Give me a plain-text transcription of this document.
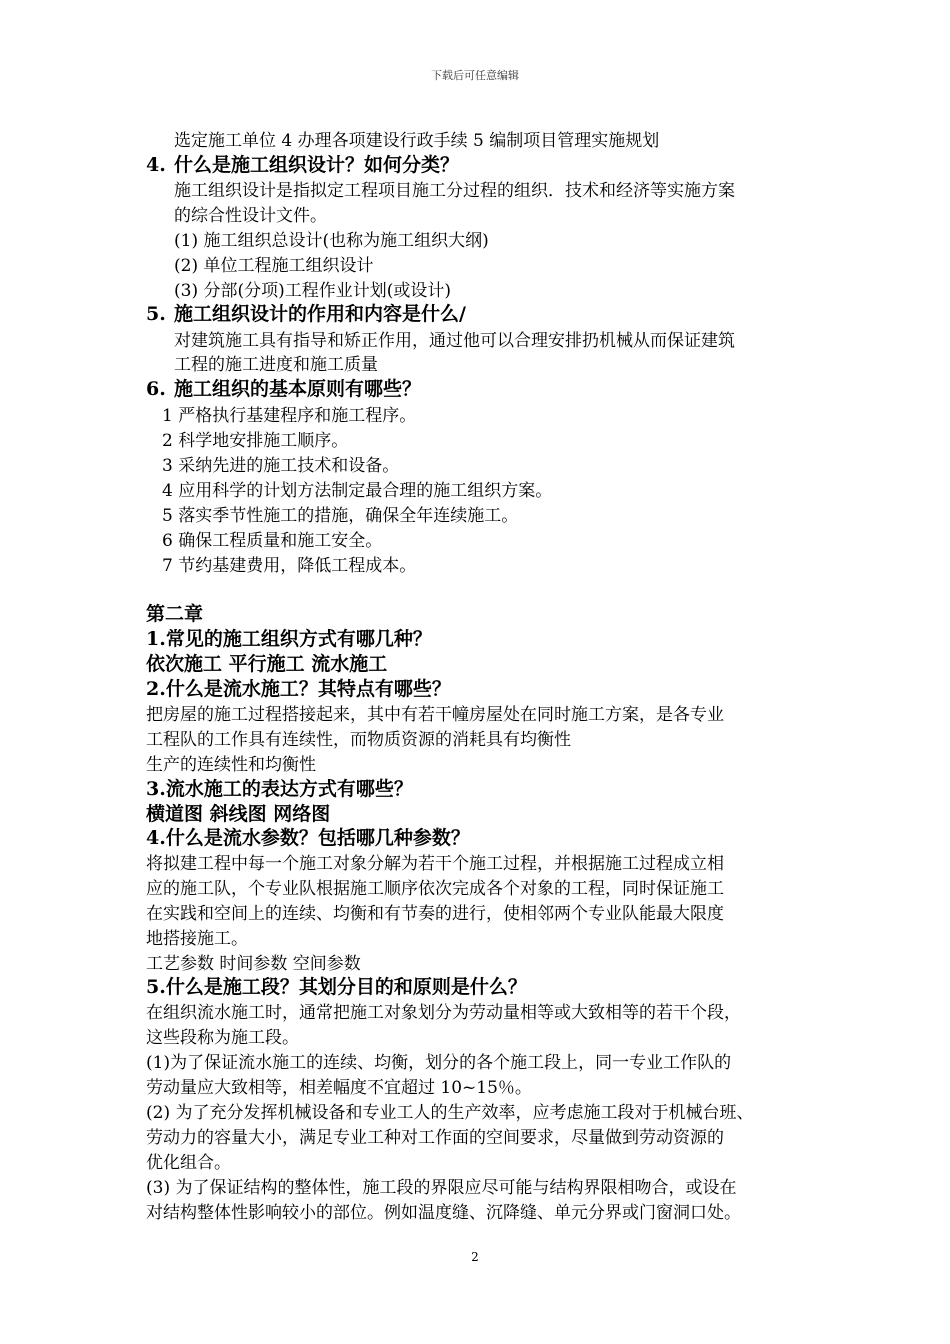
下载后可任意编辑
选定施工单位 4 办理各项建设行政手续 5 编制项目管理实施规划
4. 什么是施工组织设计？如何分类？
施工组织设计是指拟定工程项目施工分过程的组织．技术和经济等实施方案
的综合性设计文件。
(1) 施工组织总设计(也称为施工组织大纲)
(2) 单位工程施工组织设计
(3) 分部(分项)工程作业计划(或设计)
5. 施工组织设计的作用和内容是什么/
对建筑施工具有指导和矫正作用，通过他可以合理安排扔机械从而保证建筑
工程的施工进度和施工质量
6. 施工组织的基本原则有哪些？
1 严格执行基建程序和施工程序。
2 科学地安排施工顺序。
3 采纳先进的施工技术和设备。
4 应用科学的计划方法制定最合理的施工组织方案。
5 落实季节性施工的措施，确保全年连续施工。
6 确保工程质量和施工安全。
7 节约基建费用，降低工程成本。
第二章
1.常见的施工组织方式有哪几种？
依次施工 平行施工 流水施工
2.什么是流水施工？其特点有哪些？
把房屋的施工过程搭接起来，其中有若干幢房屋处在同时施工方案，是各专业
工程队的工作具有连续性，而物质资源的消耗具有均衡性
生产的连续性和均衡性
3.流水施工的表达方式有哪些？
横道图 斜线图 网络图
4.什么是流水参数？包括哪几种参数？
将拟建工程中每一个施工对象分解为若干个施工过程，并根据施工过程成立相
应的施工队，个专业队根据施工顺序依次完成各个对象的工程，同时保证施工
在实践和空间上的连续、均衡和有节奏的进行，使相邻两个专业队能最大限度
地搭接施工。
工艺参数 时间参数 空间参数
5.什么是施工段？其划分目的和原则是什么？
在组织流水施工时，通常把施工对象划分为劳动量相等或大致相等的若干个段，
这些段称为施工段。
(1)为了保证流水施工的连续、均衡，划分的各个施工段上，同一专业工作队的
劳动量应大致相等，相差幅度不宜超过 10~15％。
(2) 为了充分发挥机械设备和专业工人的生产效率，应考虑施工段对于机械台班、
劳动力的容量大小，满足专业工种对工作面的空间要求，尽量做到劳动资源的
优化组合。
(3) 为了保证结构的整体性，施工段的界限应尽可能与结构界限相吻合，或设在
对结构整体性影响较小的部位。例如温度缝、沉降缝、单元分界或门窗洞口处。
2
